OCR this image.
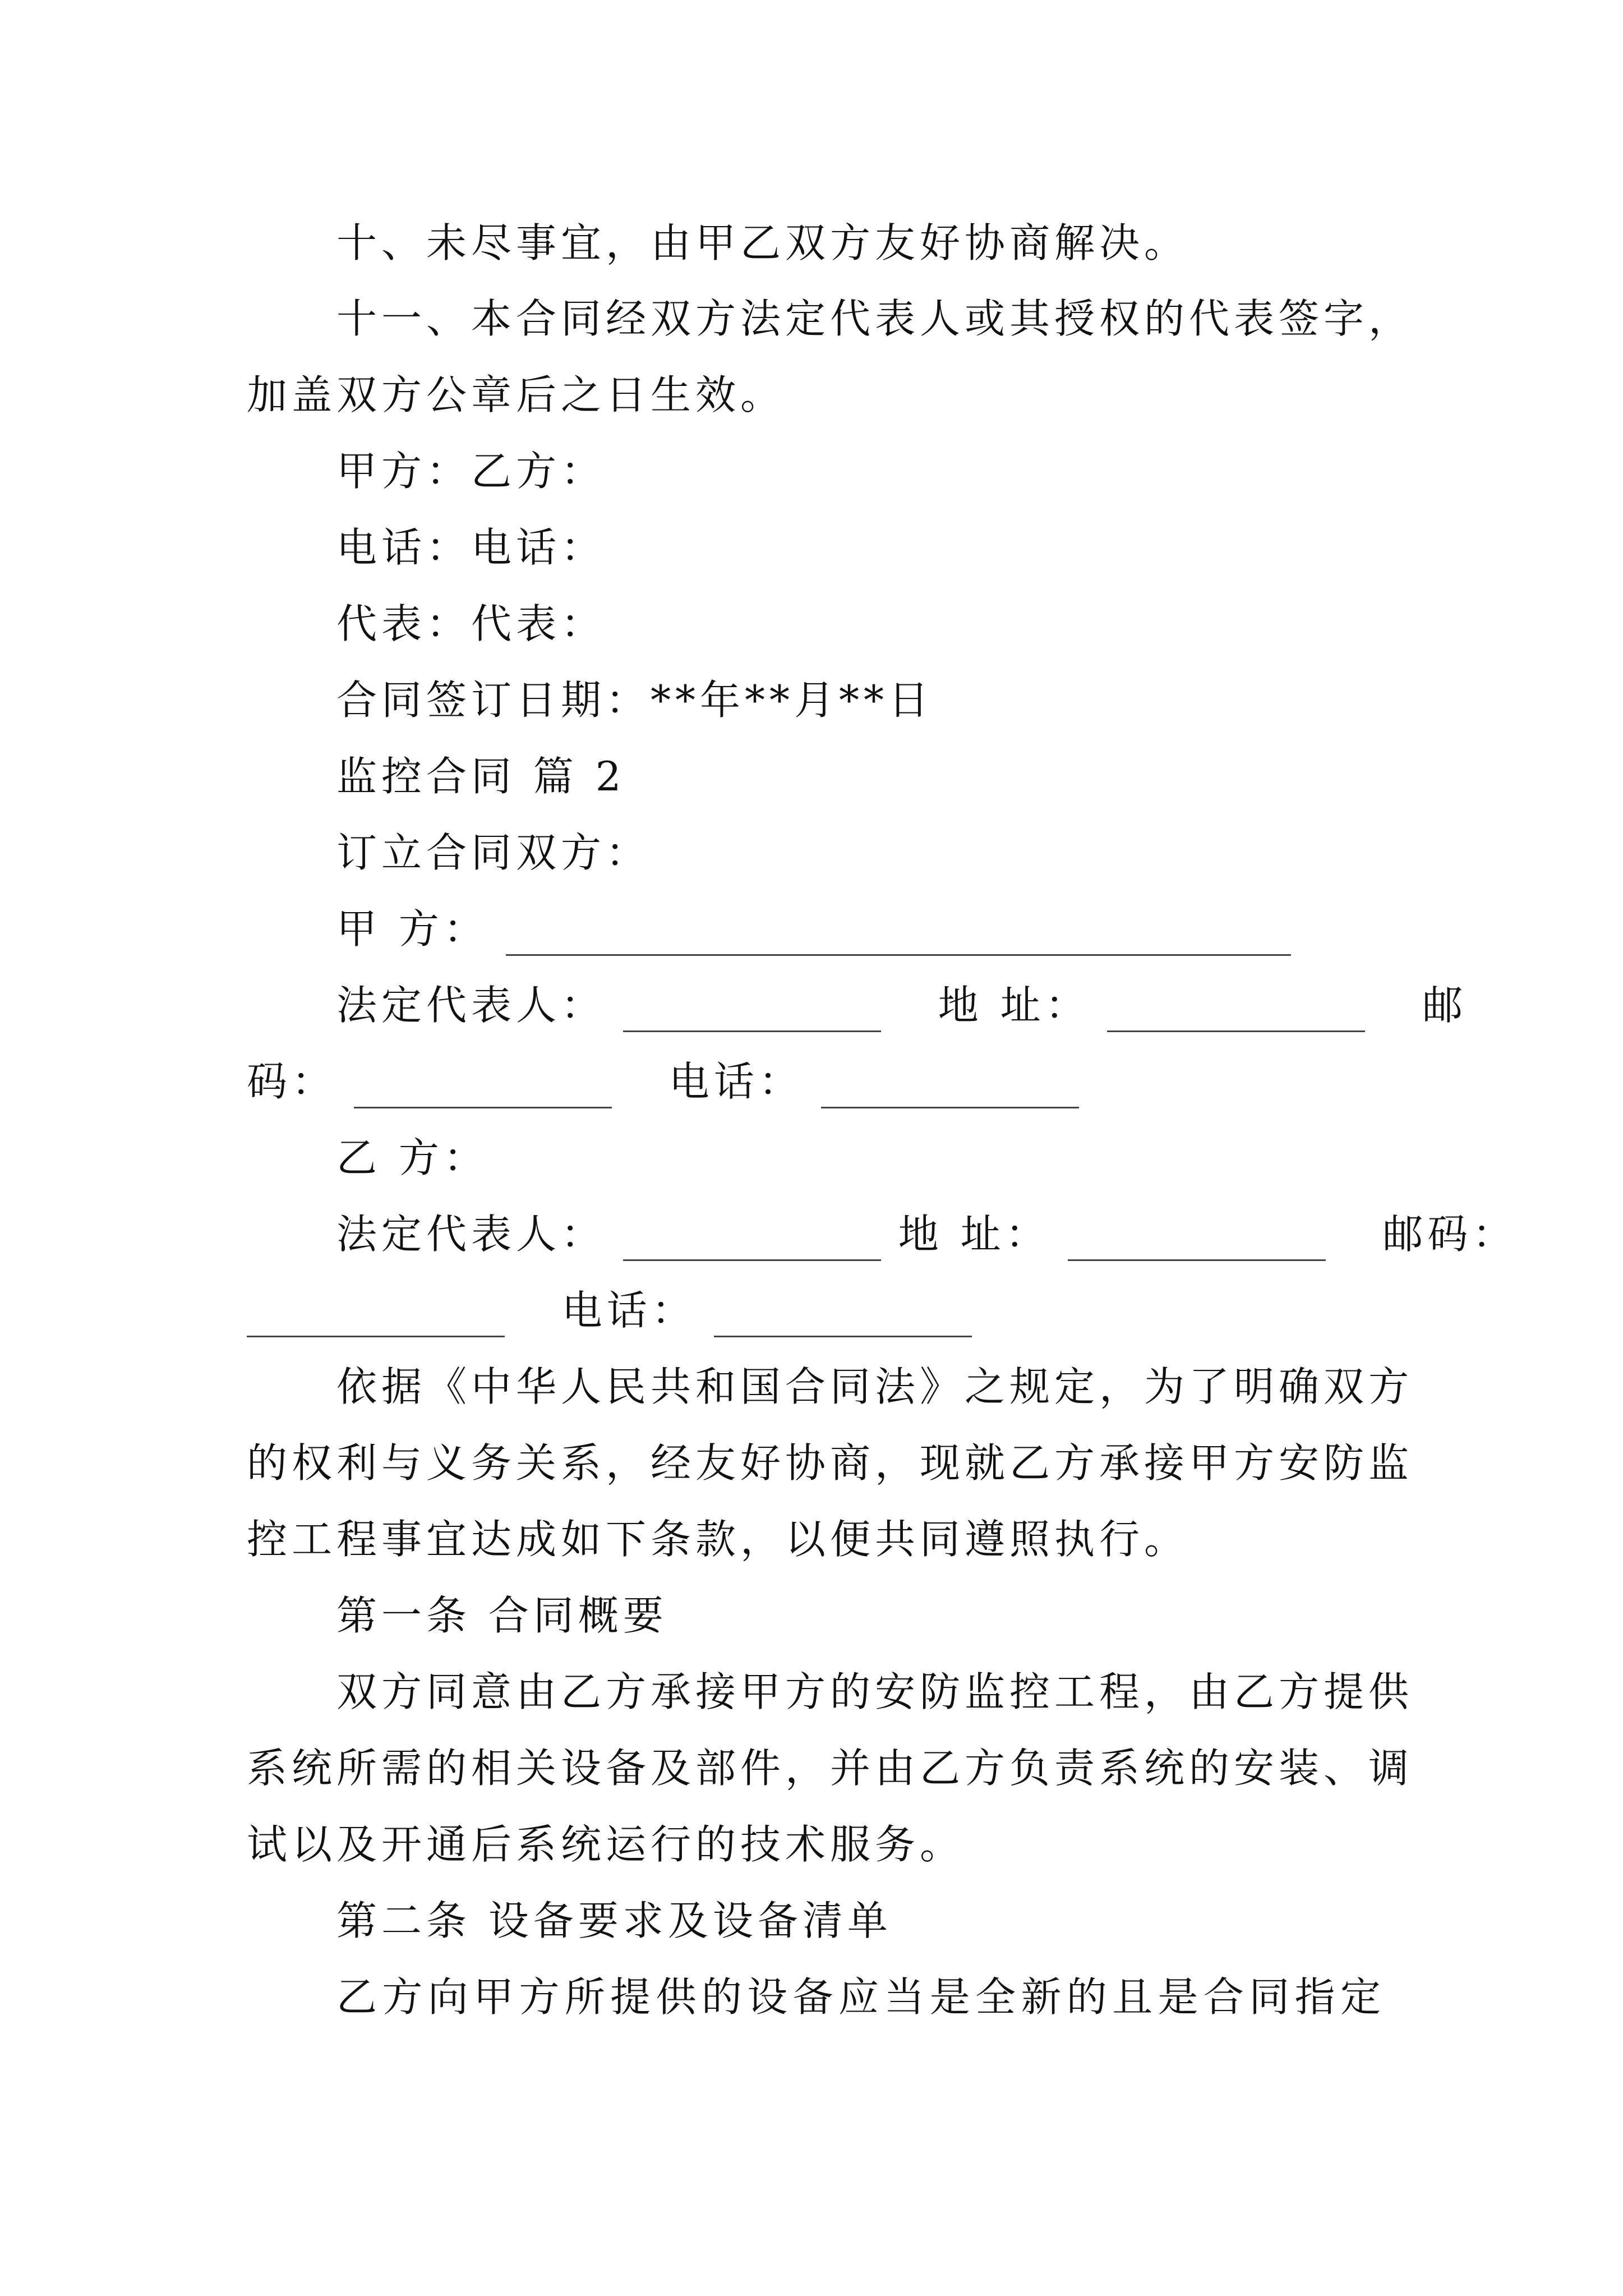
十、未尽事宜，由甲乙双方友好协商解决。
十一、本合同经双方法定代表人或其授权的代表签字，
加盖双方公章后之日生效。
甲方：乙方：
电话：电话：
代表：代表：
合同签订日期：**年**月**日
监控合同 篇 2
订立合同双方：
甲 方：
法定代表人：	地 址：	邮
码：	电话：
乙 方：
法定代表人：	地 址：	邮码：
电话：
依据《中华人民共和国合同法》之规定，为了明确双方
的权利与义务关系，经友好协商，现就乙方承接甲方安防监
控工程事宜达成如下条款，以便共同遵照执行。
第一条 合同概要
双方同意由乙方承接甲方的安防监控工程，由乙方提供
系统所需的相关设备及部件，并由乙方负责系统的安装、调
试以及开通后系统运行的技术服务。
第二条 设备要求及设备清单
乙方向甲方所提供的设备应当是全新的且是合同指定
